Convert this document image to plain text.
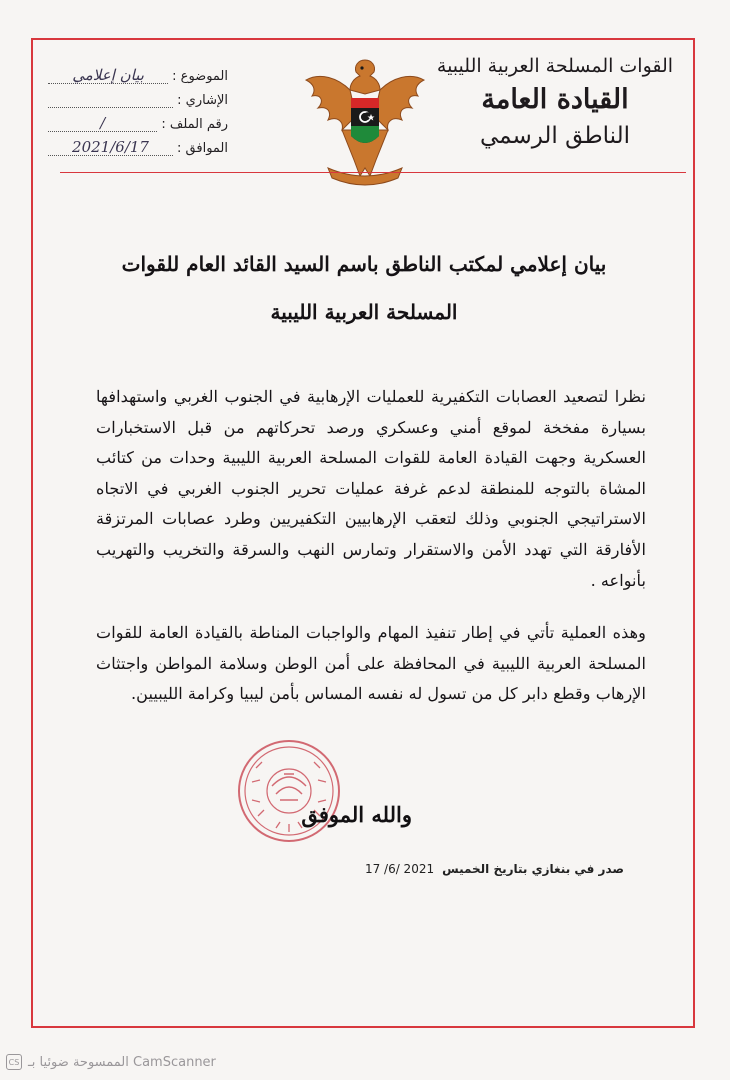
القوات المسلحة العربية الليبية
القيادة العامة
الناطق الرسمي
الموضوع :
بيان إعلامي
الإشاري :
رقم الملف :
/
الموافق :
2021/6/17
بيان إعلامي لمكتب الناطق باسم السيد القائد العام للقوات
المسلحة العربية الليبية

نظرا لتصعيد العصابات التكفيرية للعمليات الإرهابية في الجنوب الغربي واستهدافها بسيارة مفخخة لموقع أمني وعسكري ورصد تحركاتهم من قبل الاستخبارات العسكرية وجهت القيادة العامة للقوات المسلحة العربية الليبية وحدات من كتائب المشاة بالتوجه للمنطقة لدعم غرفة عمليات تحرير الجنوب الغربي في الاتجاه الاستراتيجي الجنوبي وذلك لتعقب الإرهابيين التكفيريين وطرد عصابات المرتزقة الأفارقة التي تهدد الأمن والاستقرار وتمارس النهب والسرقة والتخريب والتهريب بأنواعه .

وهذه العملية تأتي في إطار تنفيذ المهام والواجبات المناطة بالقيادة العامة للقوات المسلحة العربية الليبية في المحافظة على أمن الوطن وسلامة المواطن واجتثاث الإرهاب وقطع دابر كل من تسول له نفسه المساس بأمن ليبيا وكرامة الليبيين.

والله الموفق
صدر في بنغازي بتاريخ الخميس
17 /6/ 2021
CS الممسوحة ضوئيا بـ CamScanner
